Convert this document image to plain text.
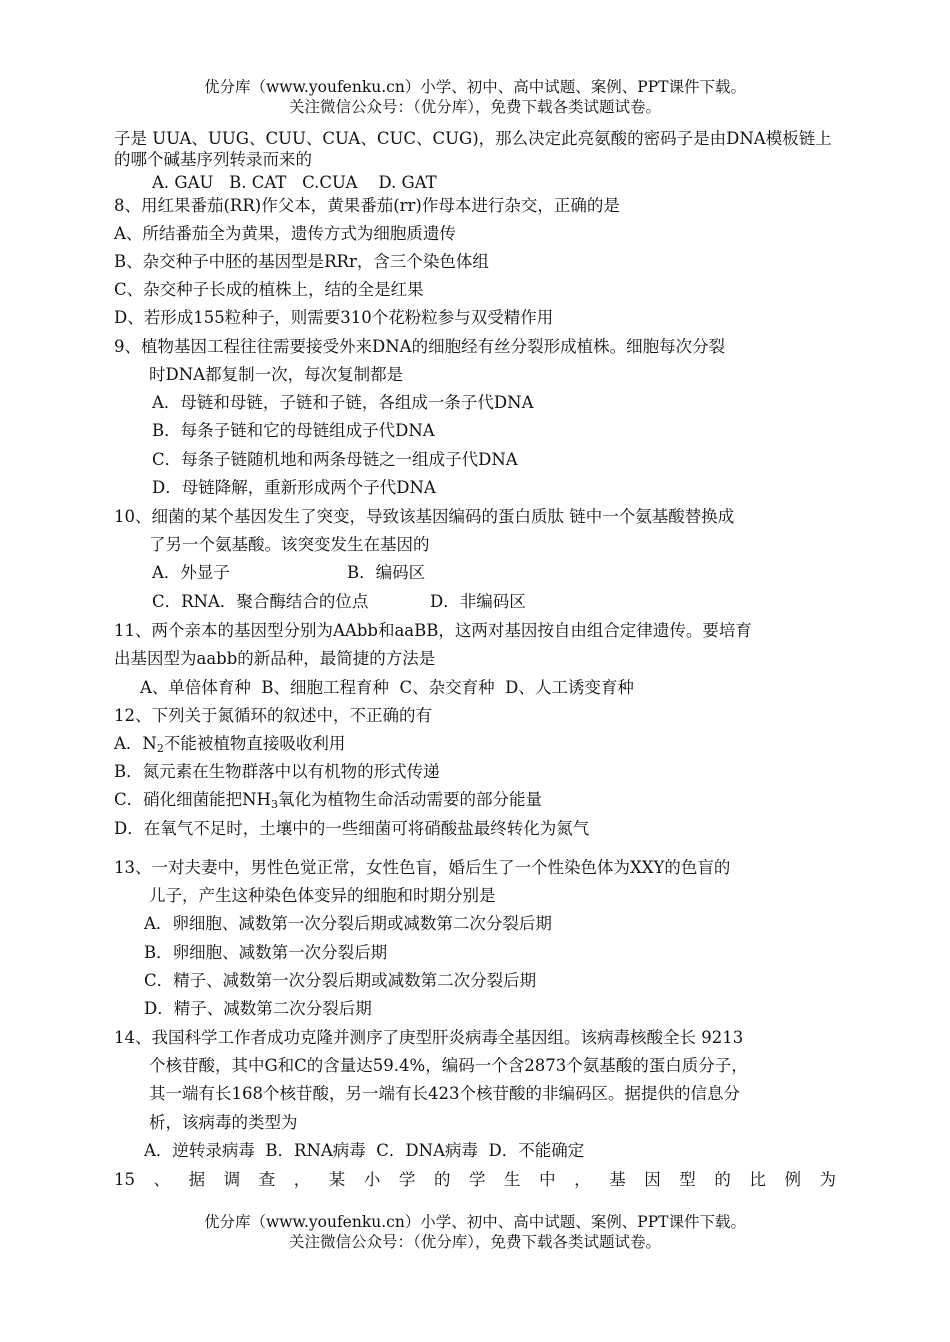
优分库（www.youfenku.cn）小学、初中、高中试题、案例、PPT课件下载。
关注微信公众号：（优分库），免费下载各类试题试卷。
子是 UUA、UUG、CUU、CUA、CUC、CUG)，那么决定此亮氨酸的密码子是由DNA模板链上
的哪个碱基序列转录而来的
A. GAU   B. CAT   C.CUA    D. GAT
8、用红果番茄(RR)作父本，黄果番茄(rr)作母本进行杂交，正确的是
A、所结番茄全为黄果，遗传方式为细胞质遗传
B、杂交种子中胚的基因型是RRr，含三个染色体组
C、杂交种子长成的植株上，结的全是红果
D、若形成155粒种子，则需要310个花粉粒参与双受精作用
9、植物基因工程往往需要接受外来DNA的细胞经有丝分裂形成植株。细胞每次分裂
时DNA都复制一次，每次复制都是
A．母链和母链，子链和子链，各组成一条子代DNA
B．每条子链和它的母链组成子代DNA
C．每条子链随机地和两条母链之一组成子代DNA
D．母链降解，重新形成两个子代DNA
10、细菌的某个基因发生了突变，导致该基因编码的蛋白质肽 链中一个氨基酸替换成
了另一个氨基酸。该突变发生在基因的
A．外显子	B．编码区
C．RNA．聚合酶结合的位点	D．非编码区
11、两个亲本的基因型分别为AAbb和aaBB，这两对基因按自由组合定律遗传。要培育
出基因型为aabb的新品种，最简捷的方法是
A、单倍体育种  B、细胞工程育种  C、杂交育种  D、人工诱变育种
12、下列关于氮循环的叙述中，不正确的有
A．$N_2$不能被植物直接吸收利用
B．氮元素在生物群落中以有机物的形式传递
C．硝化细菌能把$NH_3$氧化为植物生命活动需要的部分能量
D．在氧气不足时，土壤中的一些细菌可将硝酸盐最终转化为氮气
13、一对夫妻中，男性色觉正常，女性色盲，婚后生了一个性染色体为XXY的色盲的
儿子，产生这种染色体变异的细胞和时期分别是
A．卵细胞、减数第一次分裂后期或减数第二次分裂后期
B．卵细胞、减数第一次分裂后期
C．精子、减数第一次分裂后期或减数第二次分裂后期
D．精子、减数第二次分裂后期
14、我国科学工作者成功克隆并测序了庚型肝炎病毒全基因组。该病毒核酸全长 9213
个核苷酸，其中G和C的含量达59.4%，编码一个含2873个氨基酸的蛋白质分子，
其一端有长168个核苷酸，另一端有长423个核苷酸的非编码区。据提供的信息分
析，该病毒的类型为
A．逆转录病毒  B．RNA病毒  C．DNA病毒  D．不能确定
15、据调查，某小学的学生中，基因型的比例为
优分库（www.youfenku.cn）小学、初中、高中试题、案例、PPT课件下载。
关注微信公众号：（优分库），免费下载各类试题试卷。
